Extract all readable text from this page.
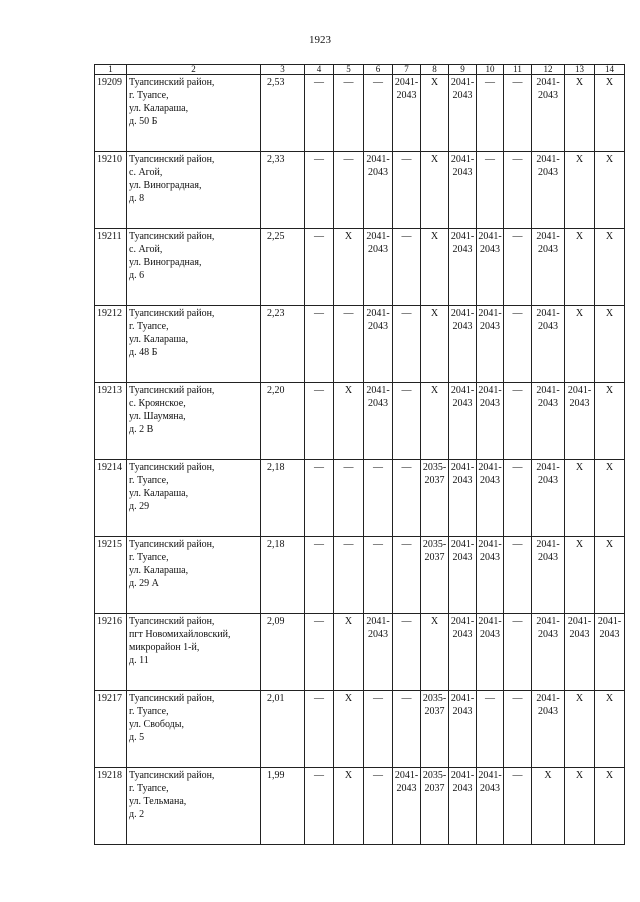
1923
1	2	3	4	5	6	7	8	9	10	11	12	13	14
19209	Туапсинский район,
г. Туапсе,
ул. Калараша,
д. 50 Б	2,53	—	—	—	2041-
2043	X	2041-
2043	—	—	2041-
2043	X	X
19210	Туапсинский район,
с. Агой,
ул. Виноградная,
д. 8	2,33	—	—	2041-
2043	—	X	2041-
2043	—	—	2041-
2043	X	X
19211	Туапсинский район,
с. Агой,
ул. Виноградная,
д. 6	2,25	—	X	2041-
2043	—	X	2041-
2043	2041-
2043	—	2041-
2043	X	X
19212	Туапсинский район,
г. Туапсе,
ул. Калараша,
д. 48 Б	2,23	—	—	2041-
2043	—	X	2041-
2043	2041-
2043	—	2041-
2043	X	X
19213	Туапсинский район,
с. Кроянское,
ул. Шаумяна,
д. 2 В	2,20	—	X	2041-
2043	—	X	2041-
2043	2041-
2043	—	2041-
2043	2041-
2043	X
19214	Туапсинский район,
г. Туапсе,
ул. Калараша,
д. 29	2,18	—	—	—	—	2035-
2037	2041-
2043	2041-
2043	—	2041-
2043	X	X
19215	Туапсинский район,
г. Туапсе,
ул. Калараша,
д. 29 А	2,18	—	—	—	—	2035-
2037	2041-
2043	2041-
2043	—	2041-
2043	X	X
19216	Туапсинский район,
пгт Новомихайловский,
микрорайон 1-й,
д. 11	2,09	—	X	2041-
2043	—	X	2041-
2043	2041-
2043	—	2041-
2043	2041-
2043	2041-
2043
19217	Туапсинский район,
г. Туапсе,
ул. Свободы,
д. 5	2,01	—	X	—	—	2035-
2037	2041-
2043	—	—	2041-
2043	X	X
19218	Туапсинский район,
г. Туапсе,
ул. Тельмана,
д. 2	1,99	—	X	—	2041-
2043	2035-
2037	2041-
2043	2041-
2043	—	X	X	X
